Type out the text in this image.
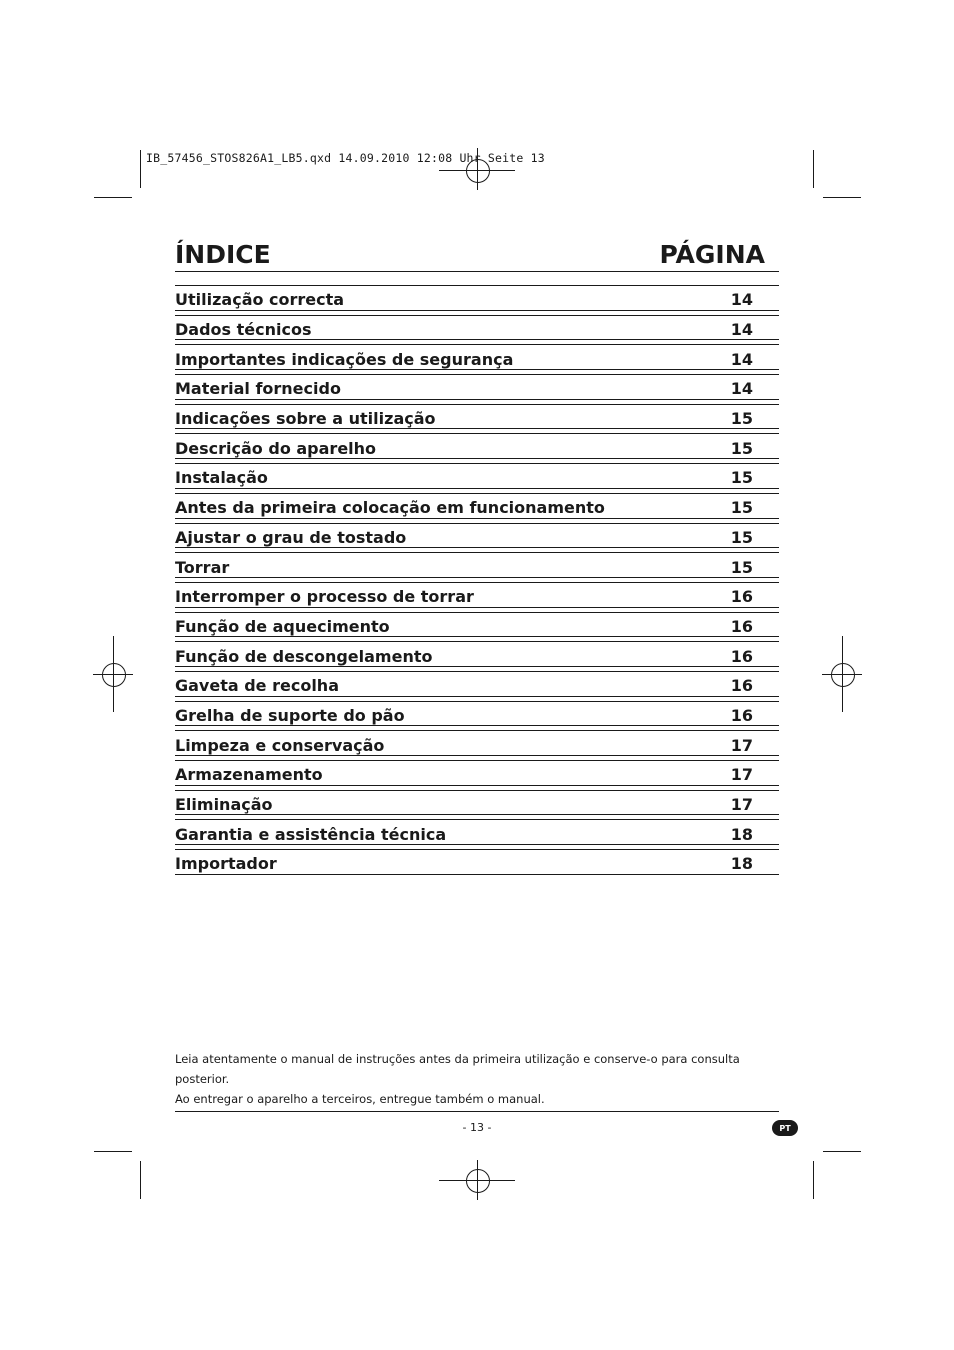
IB_57456_STOS826A1_LB5.qxd 14.09.2010 12:08 Uhr Seite 13
ÍNDICE	PÁGINA
Utilização correcta	14
Dados técnicos	14
Importantes indicações de segurança	14
Material fornecido	14
Indicações sobre a utilização	15
Descrição do aparelho	15
Instalação	15
Antes da primeira colocação em funcionamento	15
Ajustar o grau de tostado	15
Torrar	15
Interromper o processo de torrar	16
Função de aquecimento	16
Função de descongelamento	16
Gaveta de recolha	16
Grelha de suporte do pão	16
Limpeza e conservação	17
Armazenamento	17
Eliminação	17
Garantia e assistência técnica	18
Importador	18
Leia atentamente o manual de instruções antes da primeira utilização e conserve-o para consulta posterior.
Ao entregar o aparelho a terceiros, entregue também o manual.
- 13 -	PT
